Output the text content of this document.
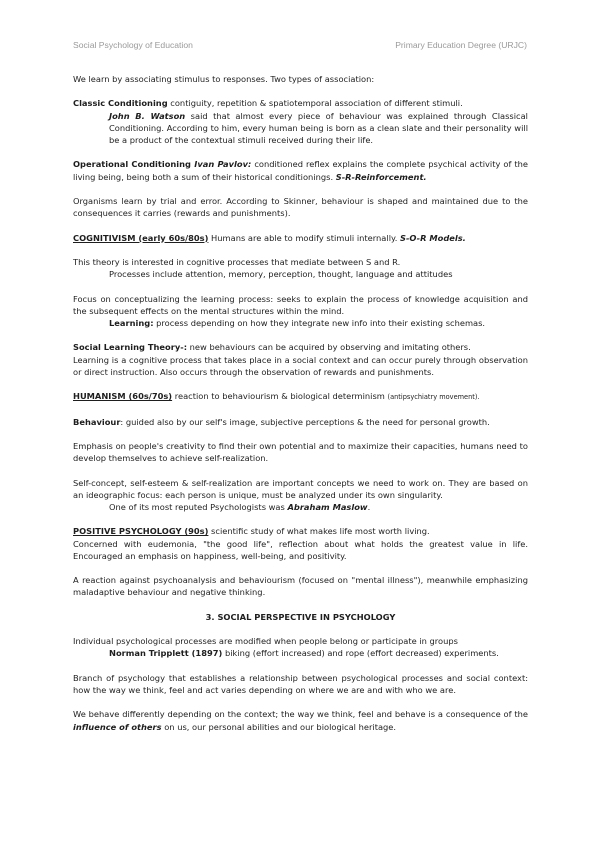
Social Psychology of Education	Primary Education Degree (URJC)

We learn by associating stimulus to responses. Two types of association:

Classic Conditioning contiguity, repetition & spatiotemporal association of different stimuli.

John B. Watson said that almost every piece of behaviour was explained through Classical Conditioning. According to him, every human being is born as a clean slate and their personality will be a product of the contextual stimuli received during their life.

Operational Conditioning Ivan Pavlov: conditioned reflex explains the complete psychical activity of the living being, being both a sum of their historical conditionings. S-R-Reinforcement.

Organisms learn by trial and error. According to Skinner, behaviour is shaped and maintained due to the consequences it carries (rewards and punishments).

COGNITIVISM (early 60s/80s) Humans are able to modify stimuli internally. S-O-R Models.

This theory is interested in cognitive processes that mediate between S and R.

Processes include attention, memory, perception, thought, language and attitudes

Focus on conceptualizing the learning process: seeks to explain the process of knowledge acquisition and the subsequent effects on the mental structures within the mind.

Learning: process depending on how they integrate new info into their existing schemas.

Social Learning Theory-: new behaviours can be acquired by observing and imitating others.

Learning is a cognitive process that takes place in a social context and can occur purely through observation or direct instruction. Also occurs through the observation of rewards and punishments.

HUMANISM (60s/70s) reaction to behaviourism & biological determinism (antipsychiatry movement).

Behaviour: guided also by our self's image, subjective perceptions & the need for personal growth.

Emphasis on people's creativity to find their own potential and to maximize their capacities, humans need to develop themselves to achieve self-realization.

Self-concept, self-esteem & self-realization are important concepts we need to work on. They are based on an ideographic focus: each person is unique, must be analyzed under its own singularity.

One of its most reputed Psychologists was Abraham Maslow.

POSITIVE PSYCHOLOGY (90s) scientific study of what makes life most worth living.

Concerned with eudemonia, "the good life", reflection about what holds the greatest value in life. Encouraged an emphasis on happiness, well-being, and positivity.

A reaction against psychoanalysis and behaviourism (focused on "mental illness"), meanwhile emphasizing maladaptive behaviour and negative thinking.

3. SOCIAL PERSPECTIVE IN PSYCHOLOGY

Individual psychological processes are modified when people belong or participate in groups

Norman Tripplett (1897) biking (effort increased) and rope (effort decreased) experiments.

Branch of psychology that establishes a relationship between psychological processes and social context: how the way we think, feel and act varies depending on where we are and with who we are.

We behave differently depending on the context; the way we think, feel and behave is a consequence of the influence of others on us, our personal abilities and our biological heritage.
